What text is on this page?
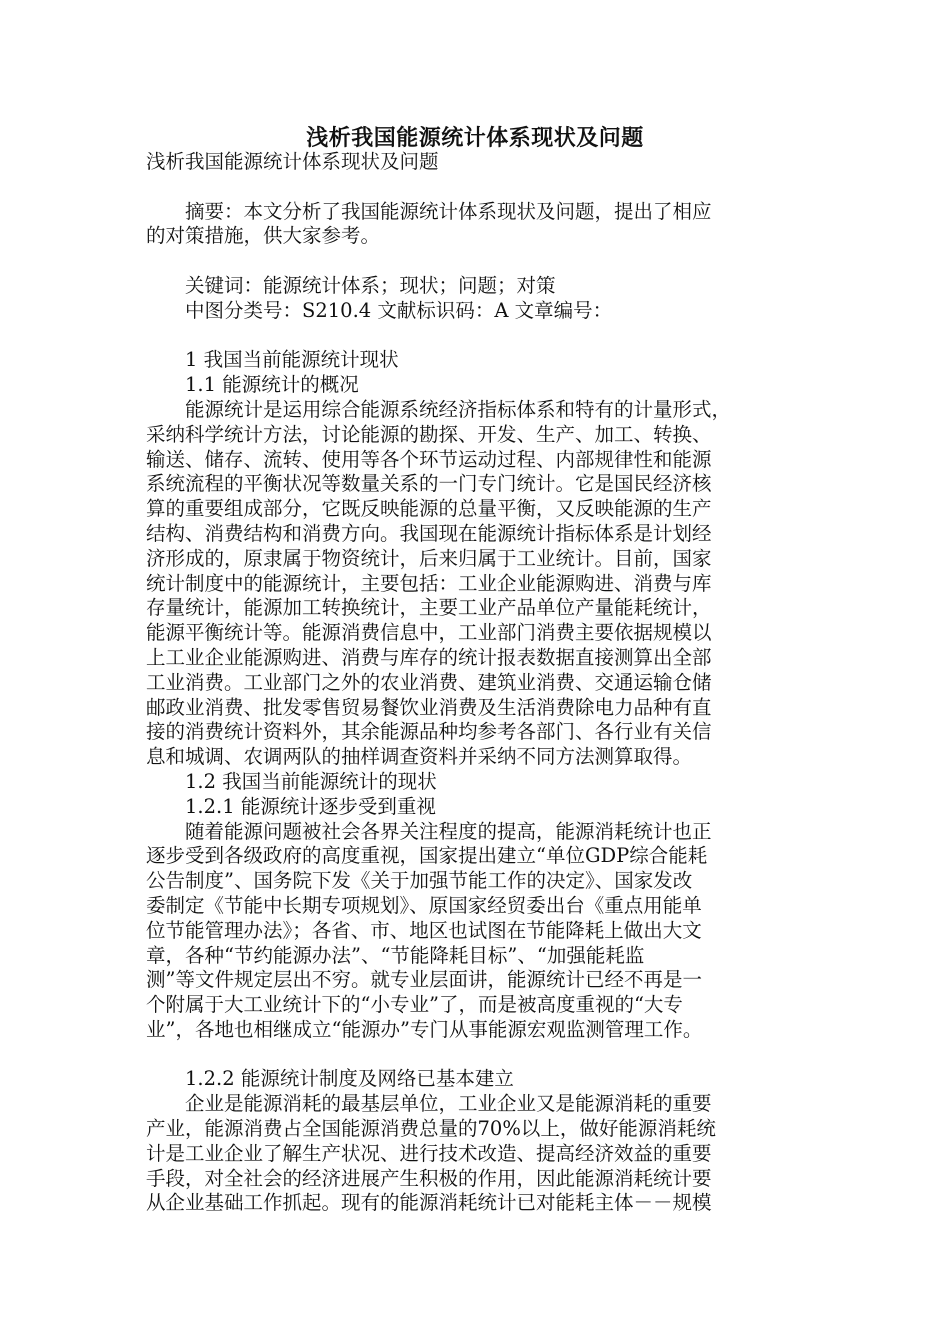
浅析我国能源统计体系现状及问题
浅析我国能源统计体系现状及问题
　　摘要：本文分析了我国能源统计体系现状及问题，提出了相应
的对策措施，供大家参考。
　　关键词：能源统计体系；现状；问题；对策
　　中图分类号：S210.4 文献标识码：A 文章编号：
　　1 我国当前能源统计现状
　　1.1 能源统计的概况
　　能源统计是运用综合能源系统经济指标体系和特有的计量形式，
采纳科学统计方法，讨论能源的勘探、开发、生产、加工、转换、
输送、储存、流转、使用等各个环节运动过程、内部规律性和能源
系统流程的平衡状况等数量关系的一门专门统计。它是国民经济核
算的重要组成部分，它既反映能源的总量平衡，又反映能源的生产
结构、消费结构和消费方向。我国现在能源统计指标体系是计划经
济形成的，原隶属于物资统计，后来归属于工业统计。目前，国家
统计制度中的能源统计，主要包括：工业企业能源购进、消费与库
存量统计，能源加工转换统计，主要工业产品单位产量能耗统计，
能源平衡统计等。能源消费信息中，工业部门消费主要依据规模以
上工业企业能源购进、消费与库存的统计报表数据直接测算出全部
工业消费。工业部门之外的农业消费、建筑业消费、交通运输仓储
邮政业消费、批发零售贸易餐饮业消费及生活消费除电力品种有直
接的消费统计资料外，其余能源品种均参考各部门、各行业有关信
息和城调、农调两队的抽样调查资料并采纳不同方法测算取得。
　　1.2 我国当前能源统计的现状
　　1.2.1 能源统计逐步受到重视
　　随着能源问题被社会各界关注程度的提高，能源消耗统计也正
逐步受到各级政府的高度重视，国家提出建立“单位GDP综合能耗
公告制度”、国务院下发《关于加强节能工作的决定》、国家发改
委制定《节能中长期专项规划》、原国家经贸委出台《重点用能单
位节能管理办法》；各省、市、地区也试图在节能降耗上做出大文
章，各种“节约能源办法”、“节能降耗目标”、“加强能耗监
测”等文件规定层出不穷。就专业层面讲，能源统计已经不再是一
个附属于大工业统计下的“小专业”了，而是被高度重视的“大专
业”，各地也相继成立“能源办”专门从事能源宏观监测管理工作。
　　1.2.2 能源统计制度及网络已基本建立
　　企业是能源消耗的最基层单位，工业企业又是能源消耗的重要
产业，能源消费占全国能源消费总量的70%以上，做好能源消耗统
计是工业企业了解生产状况、进行技术改造、提高经济效益的重要
手段，对全社会的经济进展产生积极的作用，因此能源消耗统计要
从企业基础工作抓起。现有的能源消耗统计已对能耗主体－－规模
